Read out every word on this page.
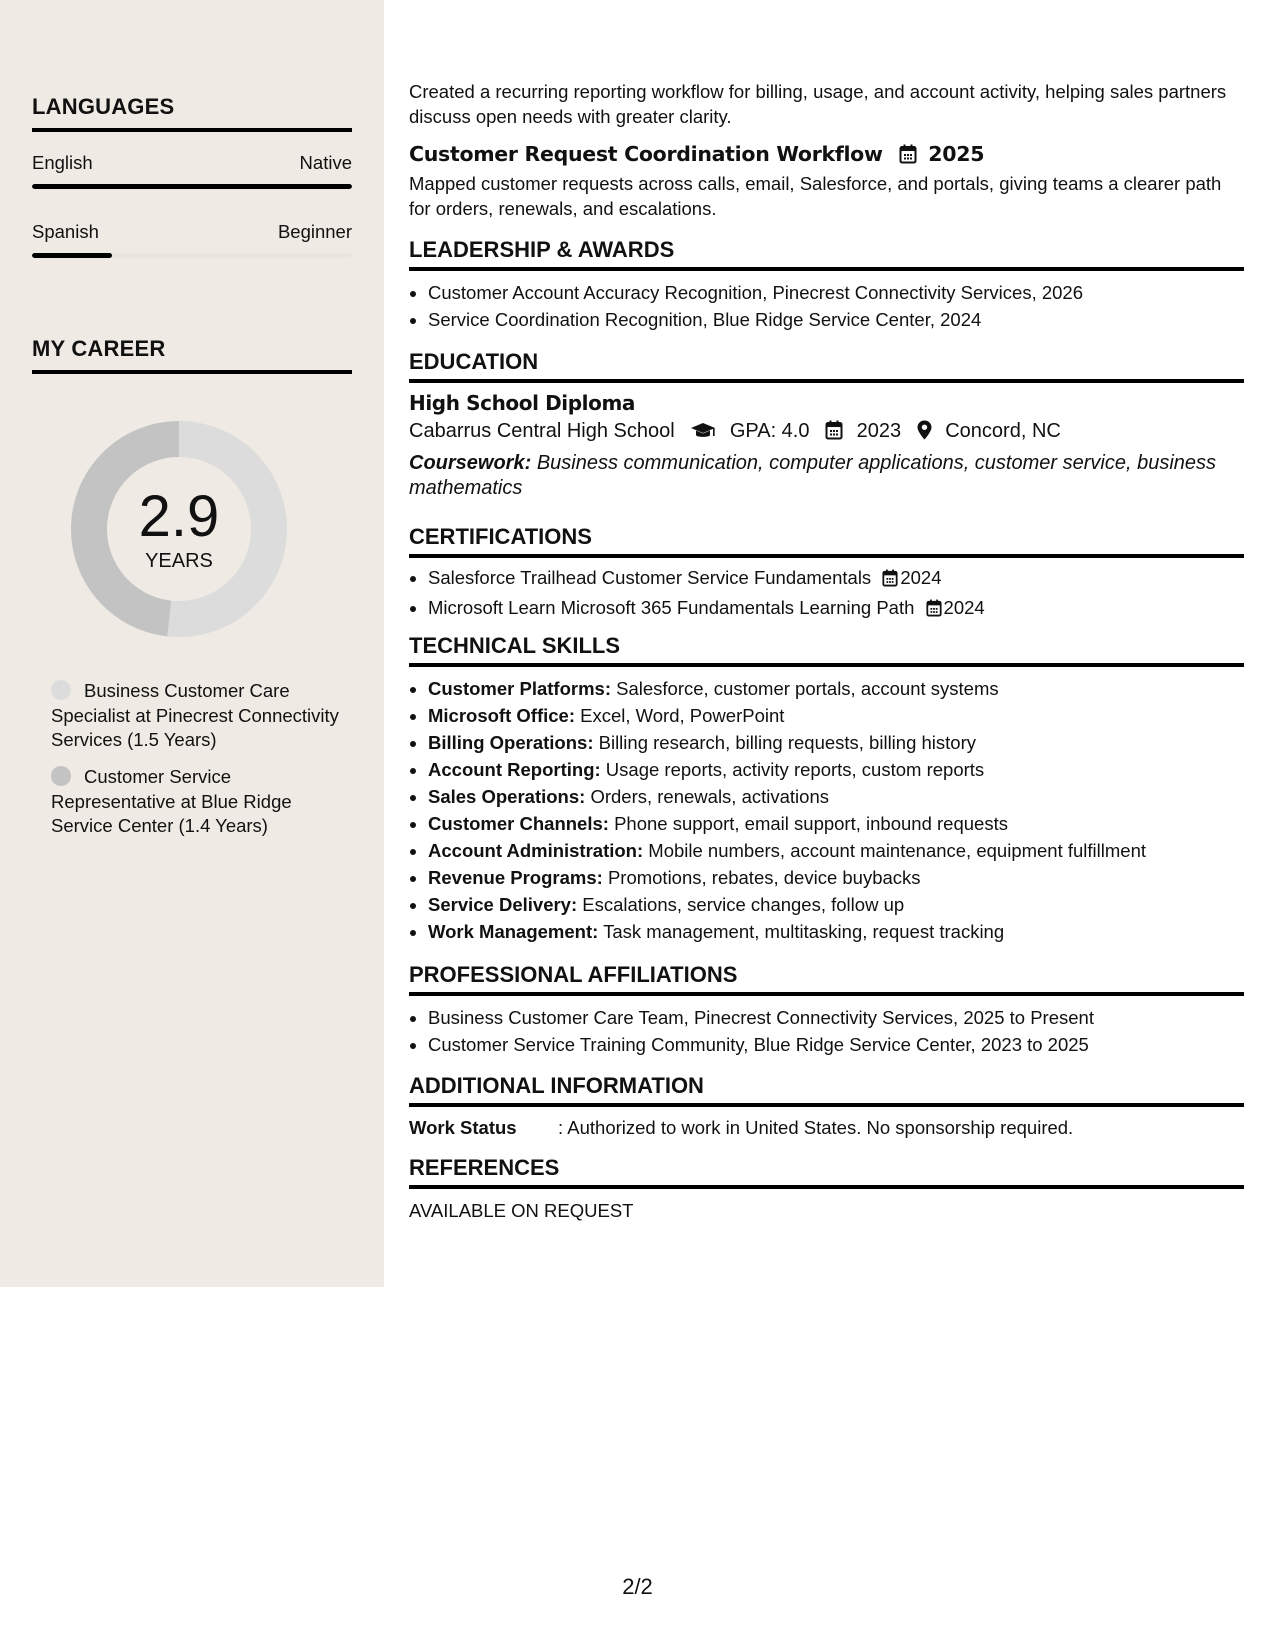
LANGUAGES
English	Native
Spanish	Beginner
MY CAREER
2.9
YEARS
Business Customer Care Specialist at Pinecrest Connectivity Services (1.5 Years)
Customer Service Representative at Blue Ridge Service Center (1.4 Years)
Created a recurring reporting workflow for billing, usage, and account activity, helping sales partners discuss open needs with greater clarity.
Customer Request Coordination Workflow 2025
Mapped customer requests across calls, email, Salesforce, and portals, giving teams a clearer path for orders, renewals, and escalations.
LEADERSHIP & AWARDS
• Customer Account Accuracy Recognition, Pinecrest Connectivity Services, 2026
• Service Coordination Recognition, Blue Ridge Service Center, 2024
EDUCATION
High School Diploma
Cabarrus Central High School	GPA: 4.0 2023 Concord, NC
Coursework: Business communication, computer applications, customer service, business mathematics
CERTIFICATIONS
• Salesforce Trailhead Customer Service Fundamentals 2024
• Microsoft Learn Microsoft 365 Fundamentals Learning Path 2024
TECHNICAL SKILLS
• Customer Platforms: Salesforce, customer portals, account systems
• Microsoft Office: Excel, Word, PowerPoint
• Billing Operations: Billing research, billing requests, billing history
• Account Reporting: Usage reports, activity reports, custom reports
• Sales Operations: Orders, renewals, activations
• Customer Channels: Phone support, email support, inbound requests
• Account Administration: Mobile numbers, account maintenance, equipment fulfillment
• Revenue Programs: Promotions, rebates, device buybacks
• Service Delivery: Escalations, service changes, follow up
• Work Management: Task management, multitasking, request tracking
PROFESSIONAL AFFILIATIONS
• Business Customer Care Team, Pinecrest Connectivity Services, 2025 to Present
• Customer Service Training Community, Blue Ridge Service Center, 2023 to 2025
ADDITIONAL INFORMATION
Work Status : Authorized to work in United States. No sponsorship required.
REFERENCES
AVAILABLE ON REQUEST
2/2
